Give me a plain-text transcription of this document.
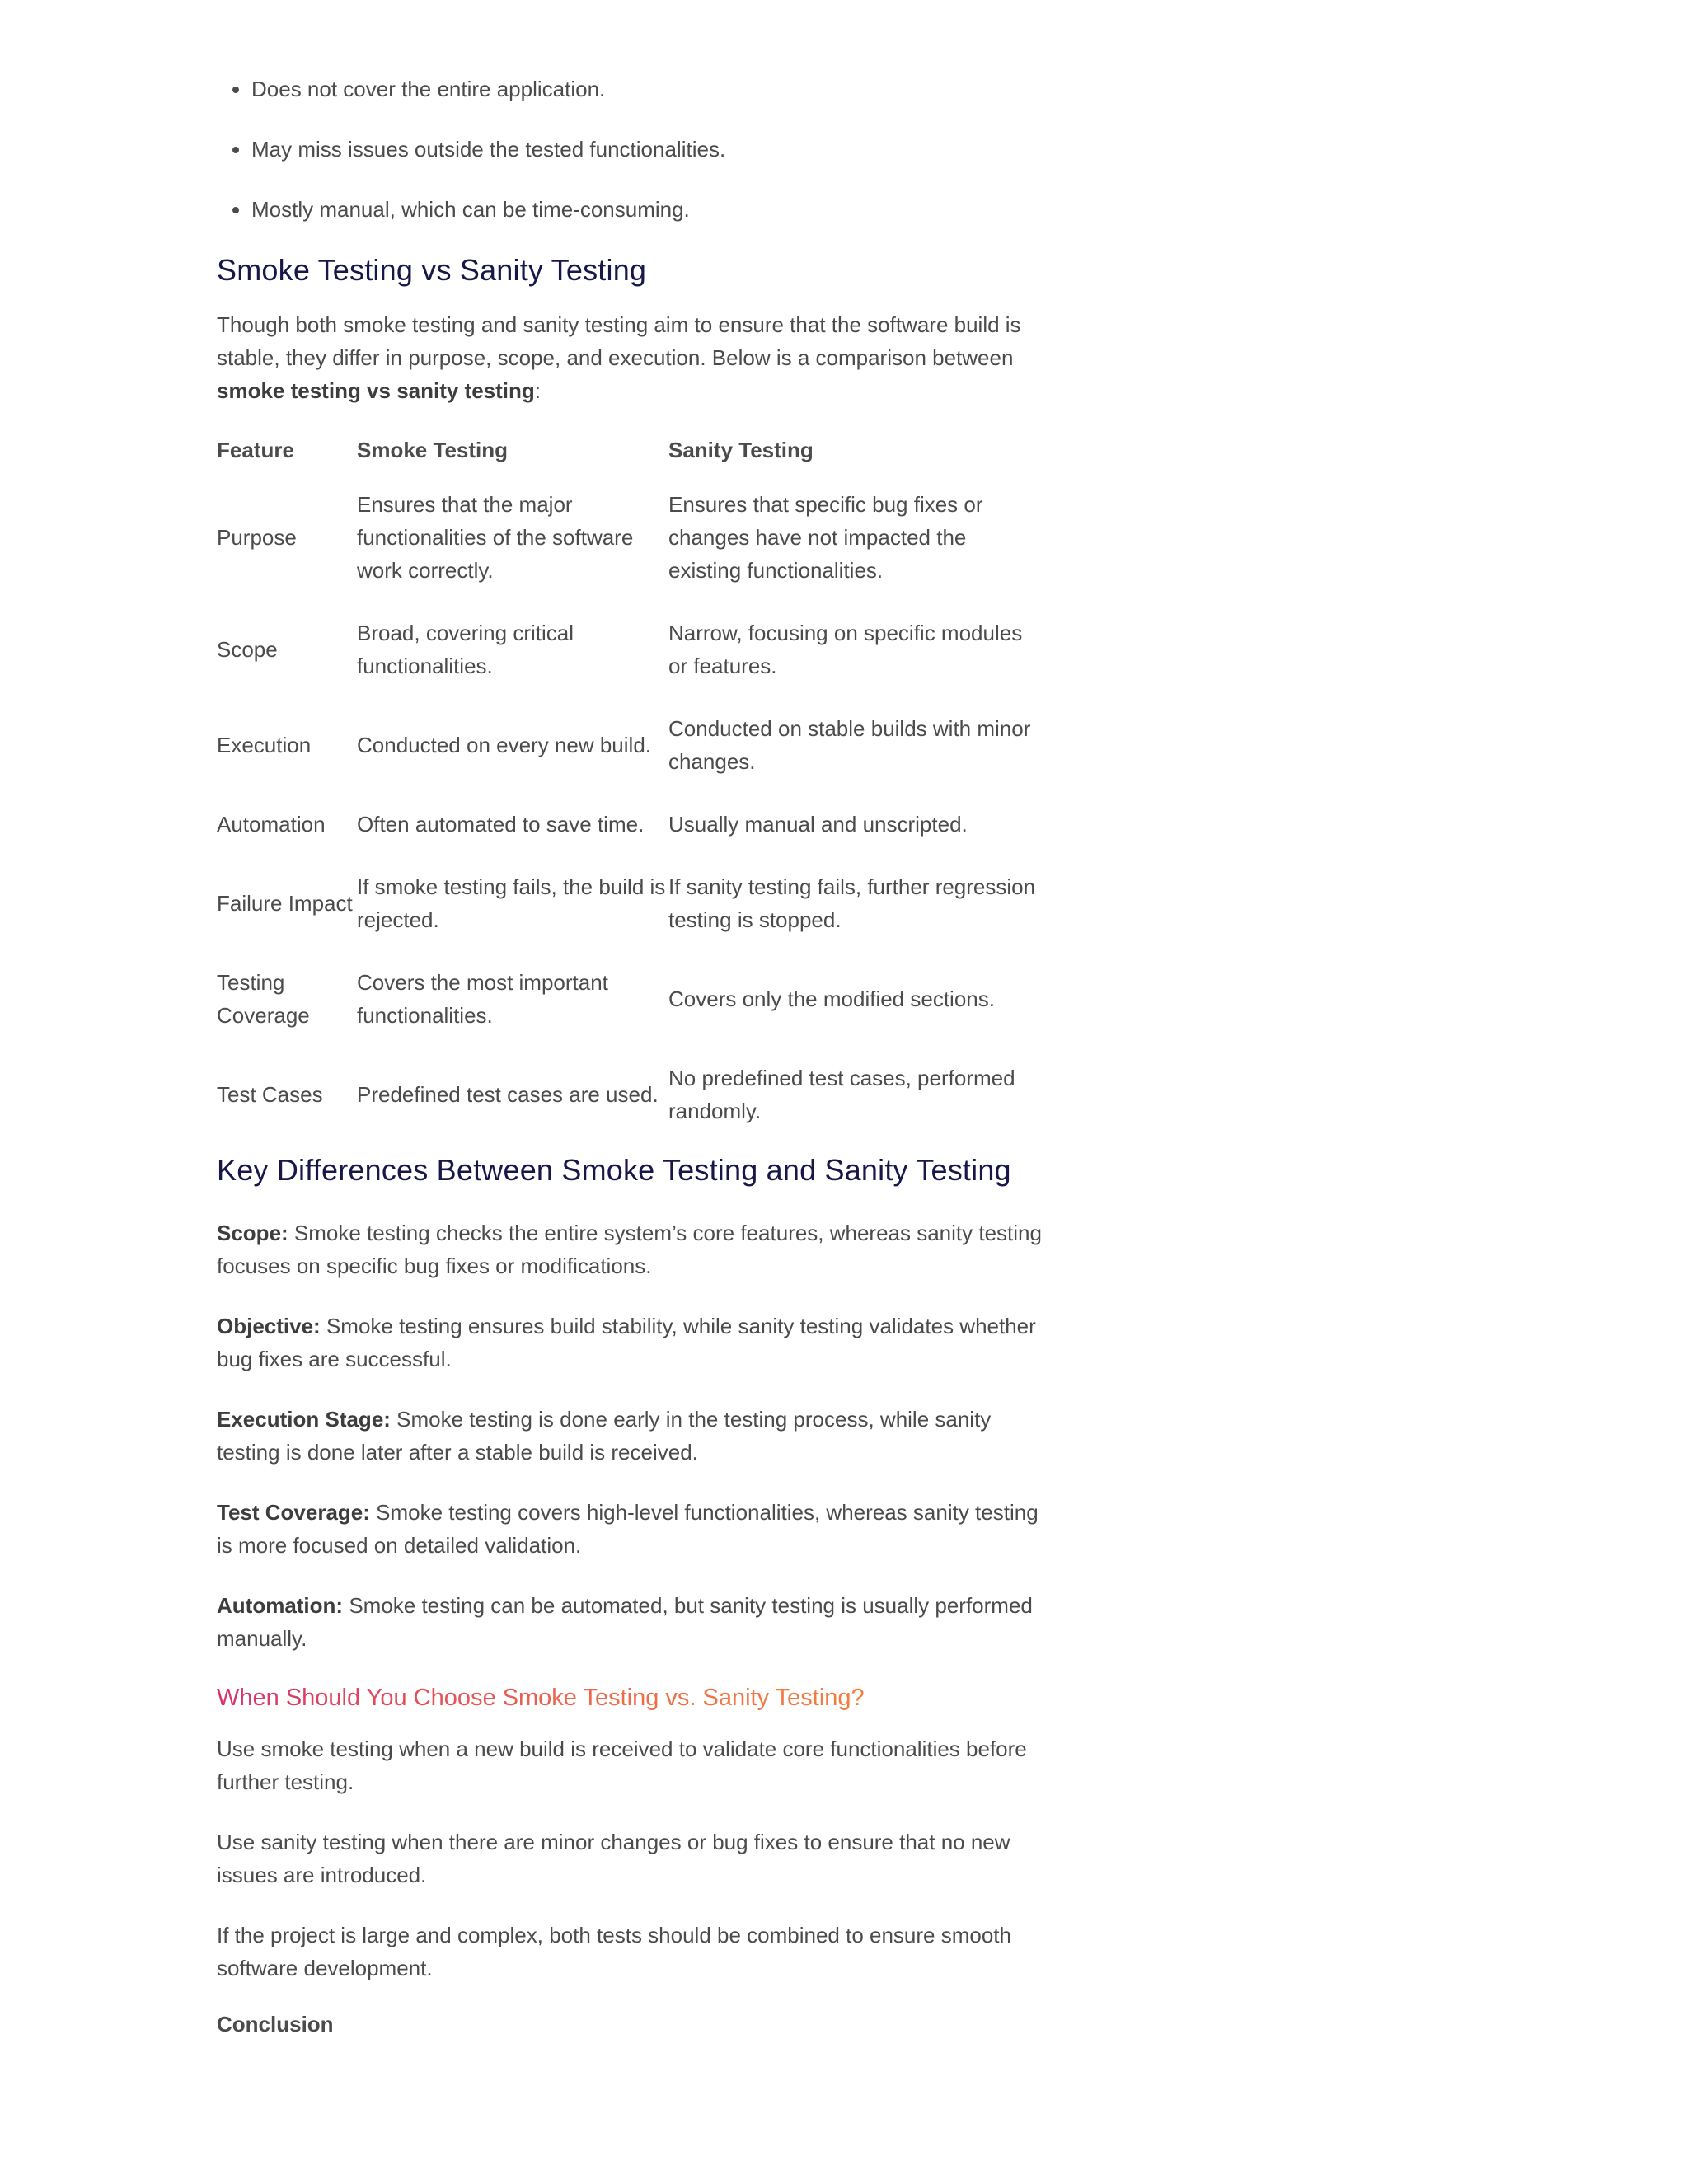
• Does not cover the entire application.
• May miss issues outside the tested functionalities.
• Mostly manual, which can be time-consuming.
Smoke Testing vs Sanity Testing

Though both smoke testing and sanity testing aim to ensure that the software build is stable, they differ in purpose, scope, and execution. Below is a comparison between smoke testing vs sanity testing:

Feature	Smoke Testing	Sanity Testing
Purpose	Ensures that the major functionalities of the software work correctly.	Ensures that specific bug fixes or changes have not impacted the existing functionalities.
Scope	Broad, covering critical functionalities.	Narrow, focusing on specific modules or features.
Execution	Conducted on every new build.	Conducted on stable builds with minor changes.
Automation	Often automated to save time.	Usually manual and unscripted.
Failure Impact	If smoke testing fails, the build is rejected.	If sanity testing fails, further regression testing is stopped.
Testing Coverage	Covers the most important functionalities.	Covers only the modified sections.
Test Cases	Predefined test cases are used.	No predefined test cases, performed randomly.
Key Differences Between Smoke Testing and Sanity Testing

Scope: Smoke testing checks the entire system’s core features, whereas sanity testing focuses on specific bug fixes or modifications.

Objective: Smoke testing ensures build stability, while sanity testing validates whether bug fixes are successful.

Execution Stage: Smoke testing is done early in the testing process, while sanity testing is done later after a stable build is received.

Test Coverage: Smoke testing covers high-level functionalities, whereas sanity testing is more focused on detailed validation.

Automation: Smoke testing can be automated, but sanity testing is usually performed manually.

When Should You Choose Smoke Testing vs. Sanity Testing?

Use smoke testing when a new build is received to validate core functionalities before further testing.

Use sanity testing when there are minor changes or bug fixes to ensure that no new issues are introduced.

If the project is large and complex, both tests should be combined to ensure smooth software development.

Conclusion
